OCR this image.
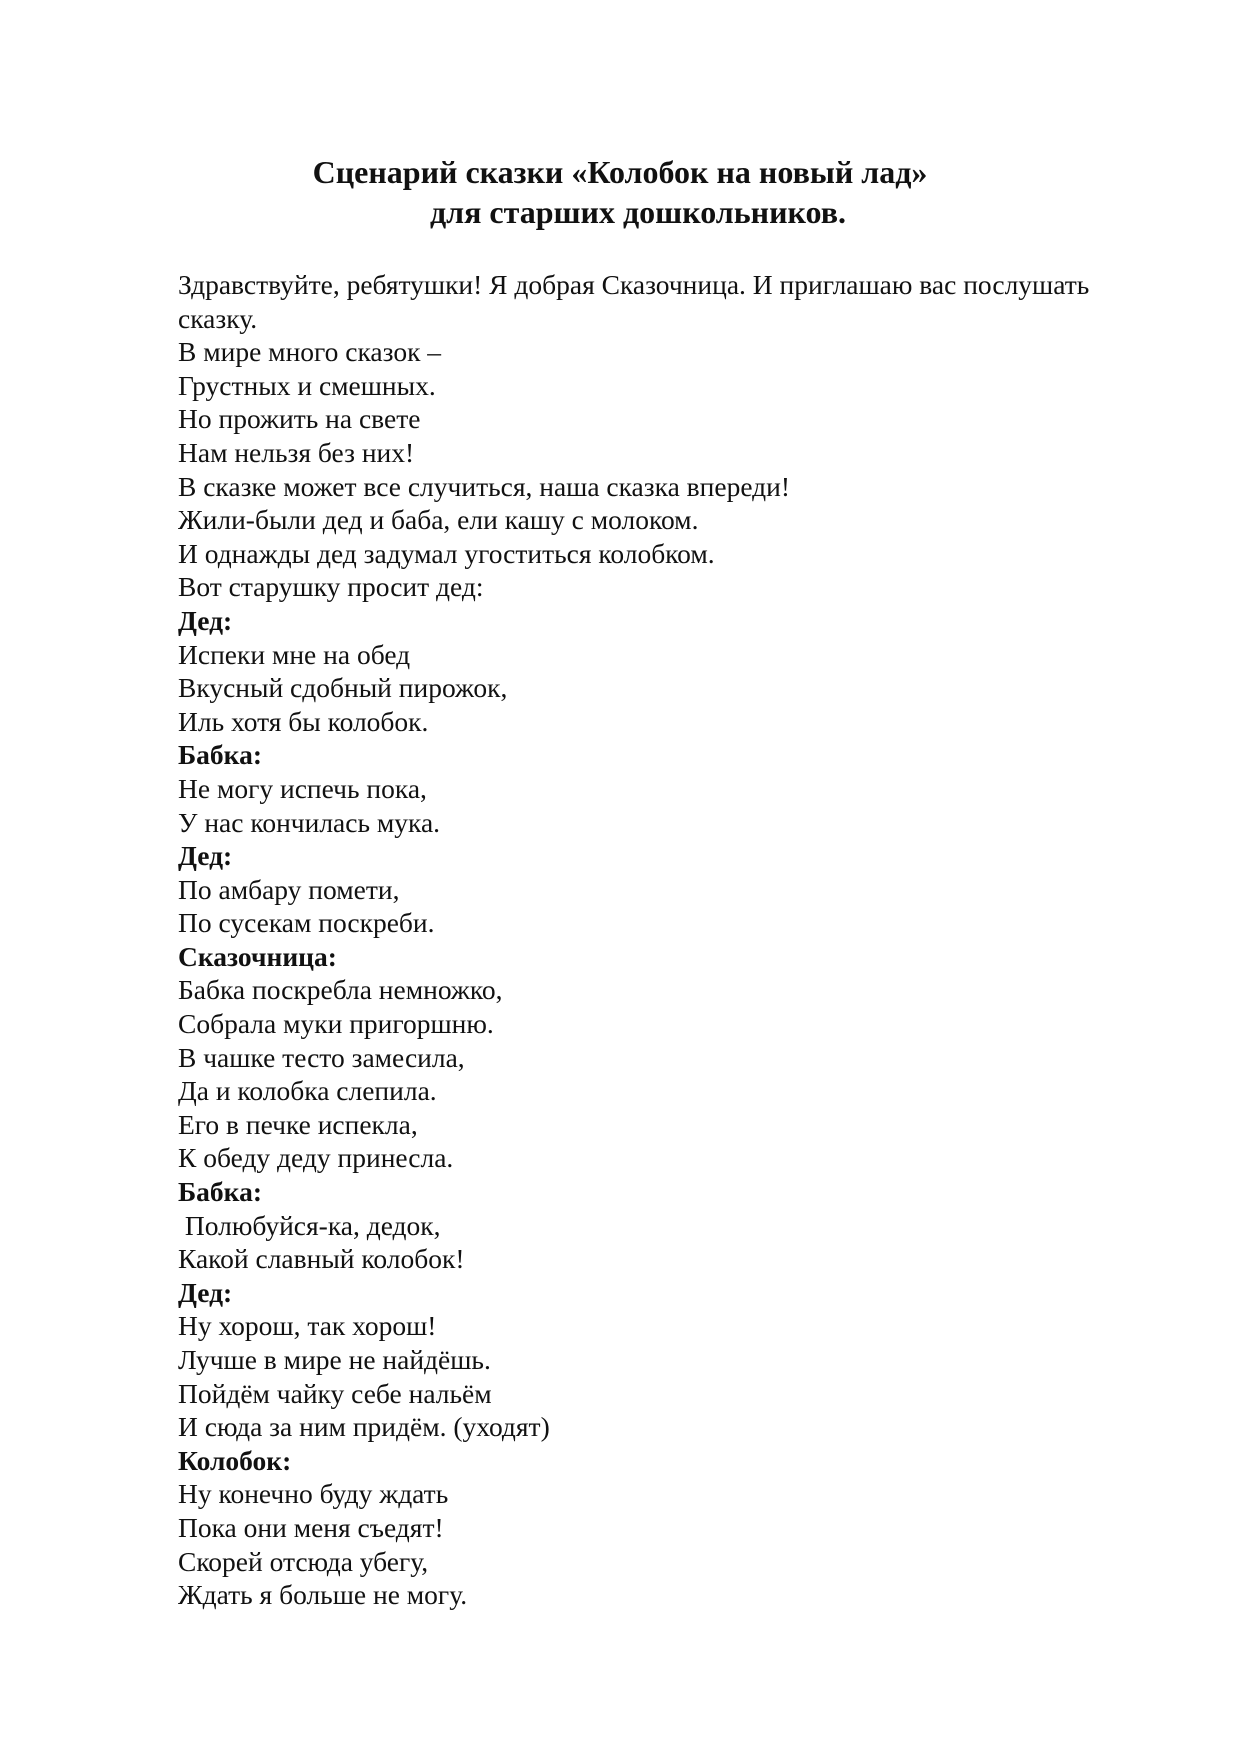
Сценарий сказки «Колобок на новый лад»
для старших дошкольников.

Здравствуйте, ребятушки! Я добрая Сказочница. И приглашаю вас послушать сказку.

В мире много сказок –

Грустных и смешных.

Но прожить на свете

Нам нельзя без них!

В сказке может все случиться, наша сказка впереди!

Жили-были дед и баба, ели кашу с молоком.

И однажды дед задумал угоститься колобком.

Вот старушку просит дед:

Дед:

Испеки мне на обед

Вкусный сдобный пирожок,

Иль хотя бы колобок.

Бабка:

Не могу испечь пока,

У нас кончилась мука.

Дед:

По амбару помети,

По сусекам поскреби.

Сказочница:

Бабка поскребла немножко,

Собрала муки пригоршню.

В чашке тесто замесила,

Да и колобка слепила.

Его в печке испекла,

К обеду деду принесла.

Бабка:

Полюбуйся-ка, дедок,

Какой славный колобок!

Дед:

Ну хорош, так хорош!

Лучше в мире не найдёшь.

Пойдём чайку себе нальём

И сюда за ним придём. (уходят)

Колобок:

Ну конечно буду ждать

Пока они меня съедят!

Скорей отсюда убегу,

Ждать я больше не могу.
